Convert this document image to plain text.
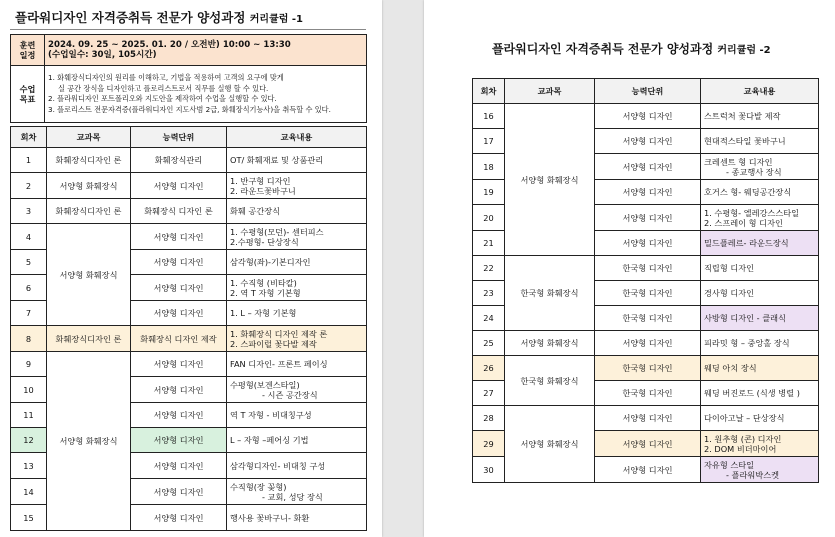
플라워디자인 자격증취득 전문가 양성과정 커리큘럼 -1
훈련
일정	2024. 09. 25 ~ 2025. 01. 20 / 오전반) 10:00 ~ 13:30
(수업일수: 30일, 105시간)

수업
목표	1. 화훼장식디자인의 원리를 이해하고, 기법을 적용하여 고객의 요구에 맞게
실 공간 장식을 디자인하고 플로리스트로서 직무를 실행 할 수 있다.
2. 플라워디자인 포트폴리오와 지도안을 제작하여 수업을 실행할 수 있다.
3. 플로리스트 전문자격증(플라워디자인 지도사범 2급, 화훼장식기능사)을 취득할 수 있다.
회차	교과목	능력단위	교육내용
1	화훼장식디자인 론	화훼장식관리	OT/ 화훼재료 및 상품관리

2	서양형 화훼장식	서양형 디자인	1. 반구형 디자인
2. 라운드꽃바구니

3	화훼장식디자인 론	화훼장식 디자인 론	화훼 공간장식

4	서양형 화훼장식	서양형 디자인	1. 수평형(모던)- 센터피스
2.수평형- 단상장식

5		서양형 디자인	삼각형(좌)-기본디자인

6		서양형 디자인	1. 수직형 (비타칼)
2. 역 T 자형 기본형

7		서양형 디자인	1. L – 자형 기본형

8	화훼장식디자인 론	화훼장식 디자인 제작	1. 화훼장식 디자인 제작 론
2. 스파이럴 꽃다발 제작

9	서양형 화훼장식	서양형 디자인	FAN 디자인- 프론트 페이싱

10		서양형 디자인	수평형(보겐스타일)
- 시즌 공간장식

11		서양형 디자인	역 T 자형 - 비대칭구성

12		서양형 디자인	L – 자형 –페어싱 기법

13		서양형 디자인	삼각형디자인- 비대칭 구성

14		서양형 디자인	수직형(장 꽂형)
- 교회, 성당 장식

15		서양형 디자인	행사용 꽃바구니- 화환
플라워디자인 자격증취득 전문가 양성과정 커리큘럼 -2
회차	교과목	능력단위	교육내용
16	서양형 화훼장식	서양형 디자인	스트럭처 꽃다발 제작

17		서양형 디자인	현대적스타일 꽃바구니

18		서양형 디자인	크레센트 형 디자인
- 종교행사 장식

19		서양형 디자인	호거스 형- 웨딩공간장식

20		서양형 디자인	1. 수평형- 엘레강스스타일
2. 스프레이 형 디자인

21		서양형 디자인	밀드플레르- 라운드장식

22	한국형 화훼장식	한국형 디자인	직립형 디자인

23		한국형 디자인	경사형 디자인

24		한국형 디자인	사방형 디자인 - 클래식

25	서양형 화훼장식	서양형 디자인	피라밋 형 – 중앙홀 장식

26	한국형 화훼장식	한국형 디자인	웨딩 아치 장식

27		한국형 디자인	웨딩 버진로드 (식생 병렬 )

28	서양형 화훼장식	서양형 디자인	다이아고날 – 단상장식

29		서양형 디자인	1. 원추형 (콘) 디자인
2. DOM 비더마이어

30		서양형 디자인	자유형 스타일
- 플라워박스켓
